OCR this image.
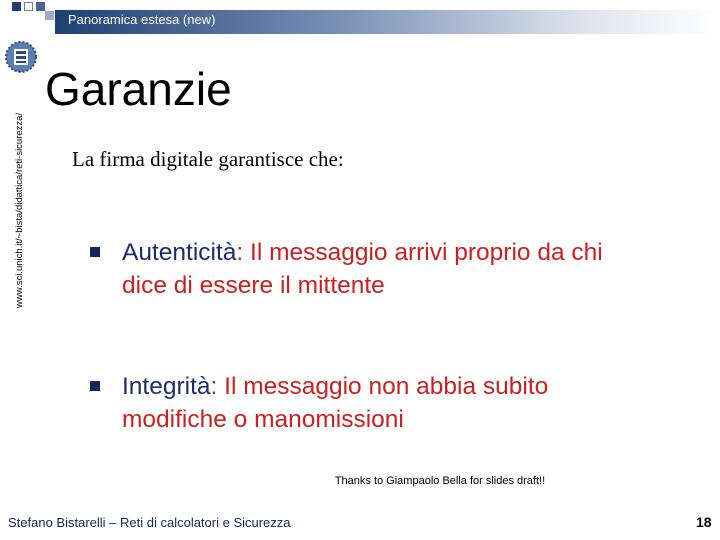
Panoramica estesa (new)
www.sci.unich.it/~bista/didattica/reti-sicurezza/
Garanzie
La firma digitale garantisce che:
Autenticità: Il messaggio arrivi proprio da chi dice di essere il mittente
Integrità: Il messaggio non abbia subito modifiche o manomissioni
Stefano Bistarelli – Reti di calcolatori e Sicurezza
Thanks to Giampaolo Bella for slides draft!!
18
